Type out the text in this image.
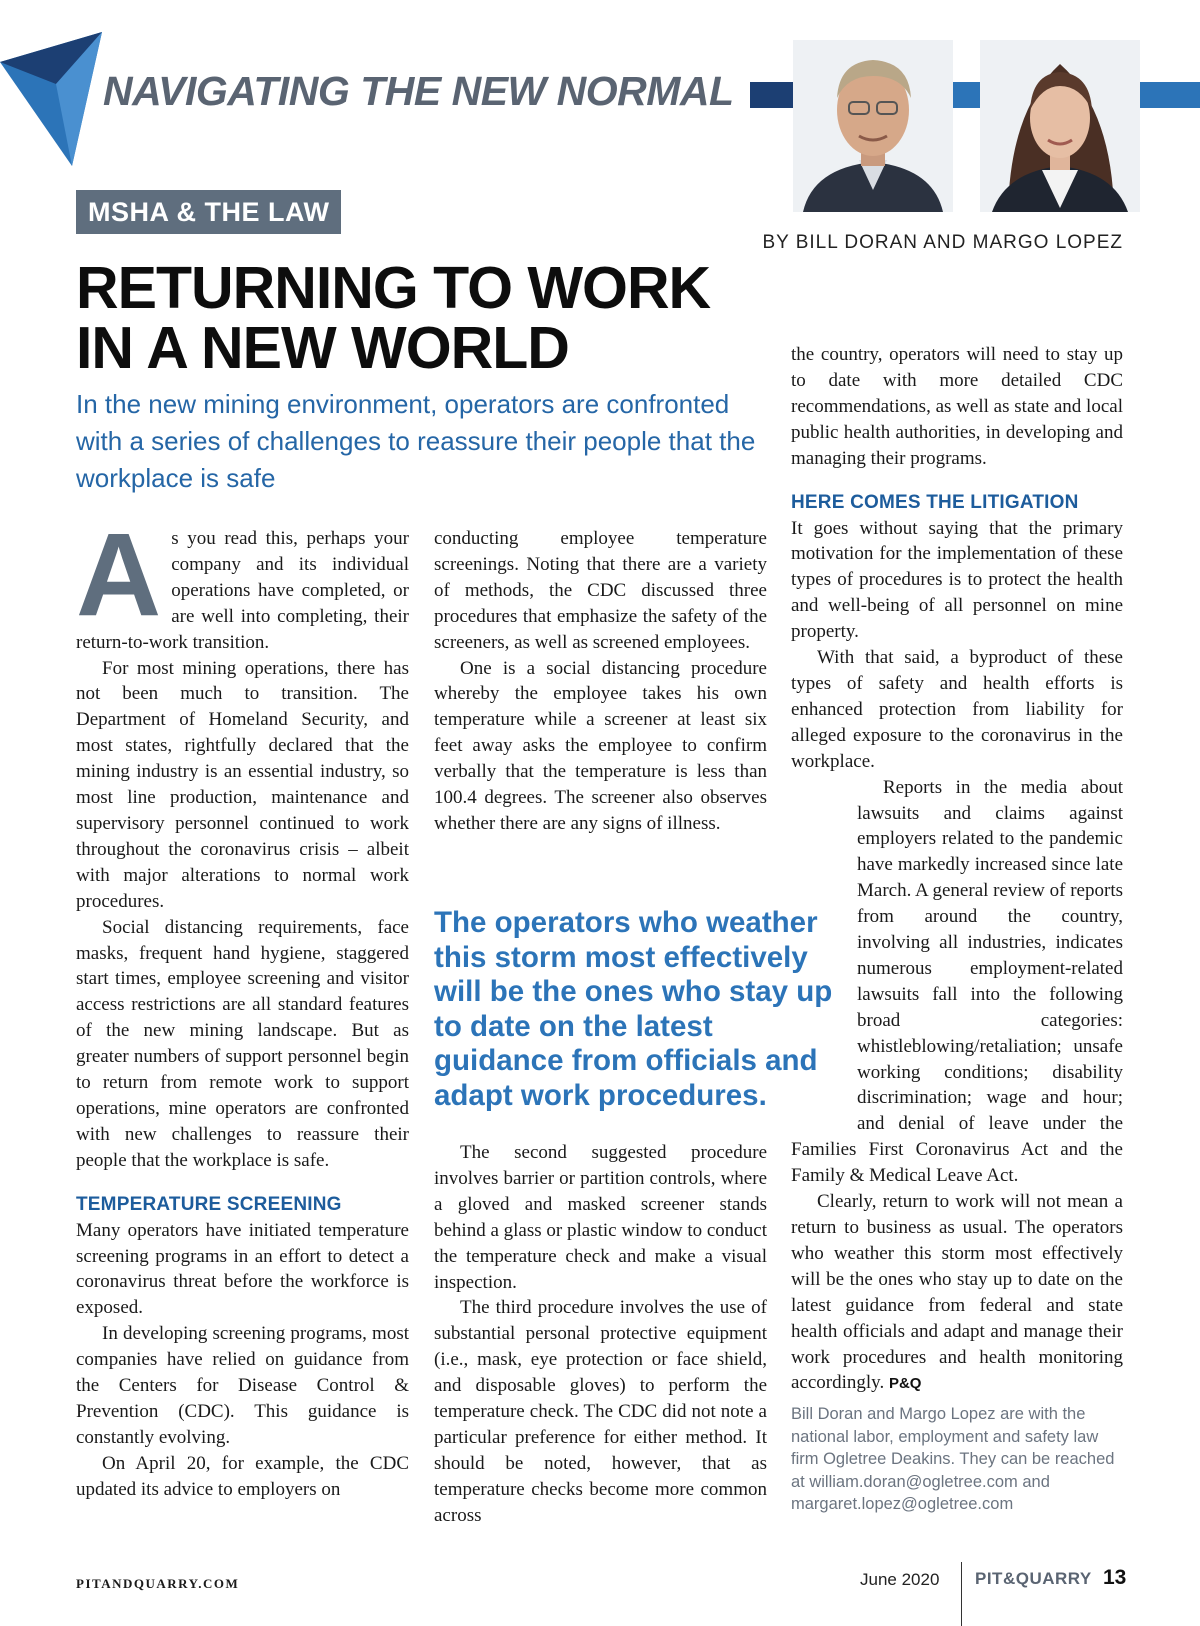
NAVIGATING THE NEW NORMAL
MSHA & THE LAW
BY BILL DORAN AND MARGO LOPEZ
RETURNING TO WORK
IN A NEW WORLD

In the new mining environment, operators are confronted with a series of challenges to reassure their people that the workplace is safe

As you read this, perhaps your company and its individual operations have completed, or are well into completing, their return-to-work transition.

For most mining operations, there has not been much to transition. The Department of Homeland Security, and most states, rightfully declared that the mining industry is an essential industry, so most line production, maintenance and supervisory personnel continued to work throughout the coronavirus crisis – albeit with major alterations to normal work procedures.

Social distancing requirements, face masks, frequent hand hygiene, staggered start times, employee screening and visitor access restrictions are all standard features of the new mining landscape. But as greater numbers of support personnel begin to return from remote work to support operations, mine operators are confronted with new challenges to reassure their people that the workplace is safe.

TEMPERATURE SCREENING

Many operators have initiated temperature screening programs in an effort to detect a coronavirus threat before the workforce is exposed.

In developing screening programs, most companies have relied on guidance from the Centers for Disease Control & Prevention (CDC). This guidance is constantly evolving.

On April 20, for example, the CDC updated its advice to employers on

conducting employee temperature screenings. Noting that there are a variety of methods, the CDC discussed three procedures that emphasize the safety of the screeners, as well as screened employees.

One is a social distancing procedure whereby the employee takes his own temperature while a screener at least six feet away asks the employee to confirm verbally that the temperature is less than 100.4 degrees. The screener also observes whether there are any signs of illness.

The operators who weather this storm most effectively will be the ones who stay up to date on the latest guidance from officials and adapt work procedures.

The second suggested procedure involves barrier or partition controls, where a gloved and masked screener stands behind a glass or plastic window to conduct the temperature check and make a visual inspection.

The third procedure involves the use of substantial personal protective equipment (i.e., mask, eye protection or face shield, and disposable gloves) to perform the temperature check. The CDC did not note a particular preference for either method. It should be noted, however, that as temperature checks become more common across

the country, operators will need to stay up to date with more detailed CDC recommendations, as well as state and local public health authorities, in developing and managing their programs.

HERE COMES THE LITIGATION

It goes without saying that the primary motivation for the implementation of these types of procedures is to protect the health and well-being of all personnel on mine property.

With that said, a byproduct of these types of safety and health efforts is enhanced protection from liability for alleged exposure to the coronavirus in the workplace.

Reports in the media about lawsuits and claims against employers related to the pandemic have markedly increased since late March. A general review of reports from around the country, involving all industries, indicates numerous employment-related lawsuits fall into the following broad categories: whistleblowing/retaliation; unsafe working conditions; disability discrimination; wage and hour; and denial of leave under the Families First Coronavirus Act and the Family & Medical Leave Act.

Clearly, return to work will not mean a return to business as usual. The operators who weather this storm most effectively will be the ones who stay up to date on the latest guidance from federal and state health officials and adapt and manage their work procedures and health monitoring accordingly. P&Q

Bill Doran and Margo Lopez are with the national labor, employment and safety law firm Ogletree Deakins. They can be reached at william.doran@ogletree.com and margaret.lopez@ogletree.com

PITANDQUARRY.COM	June 2020 PIT&QUARRY 13
